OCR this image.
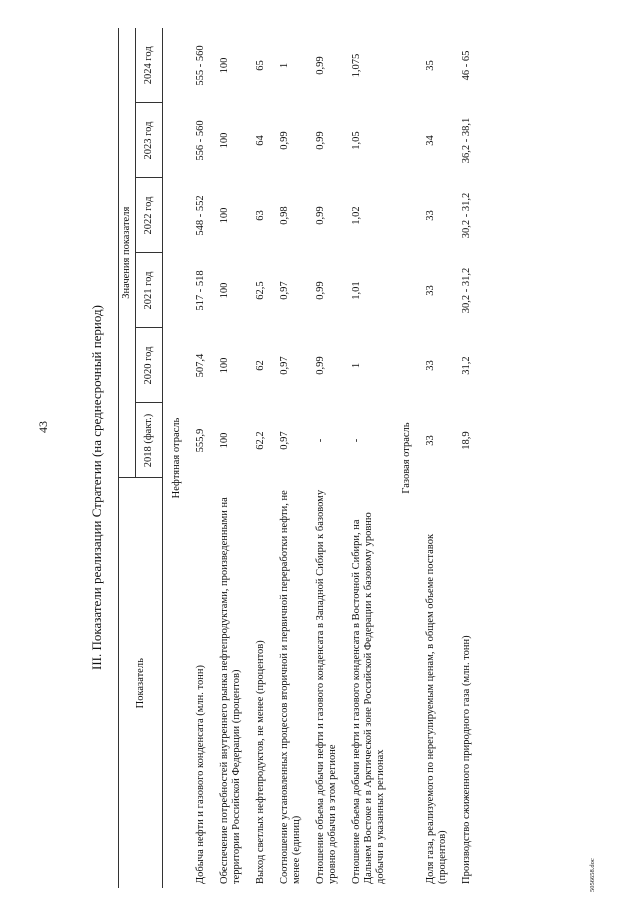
43	III. Показатели реализации Стратегии (на среднесрочный период)
Показатель	Значения показателя					
	2018 (факт.)	2020 год	2021 год	2022 год	2023 год	2024 год
Нефтяная отрасль						
Добыча нефти и газового конденсата (млн. тонн)	555,9	507,4	517 - 518	548 - 552	556 - 560	555 - 560
Обеспечение потребностей внутреннего рынка нефтепродуктами, произведенными на территории Российской Федерации (процентов)	100	100	100	100	100	100
Выход светлых нефтепродуктов, не менее (процентов)	62,2	62	62,5	63	64	65
Соотношение установленных процессов вторичной и первичной переработки нефти, не менее (единиц)	0,97	0,97	0,97	0,98	0,99	1
Отношение объема добычи нефти и газового конденсата в Западной Сибири к базовому уровню добычи в этом регионе	-	0,99	0,99	0,99	0,99	0,99
Отношение объема добычи нефти и газового конденсата в Восточной Сибири, на Дальнем Востоке и в Арктической зоне Российской Федерации к базовому уровню добычи в указанных регионах	-	1	1,01	1,02	1,05	1,075
Газовая отрасль						
Доля газа, реализуемого по нерегулируемым ценам, в общем объеме поставок (процентов)	33	33	33	33	34	35
Производство сжиженного природного газа (млн. тонн)	18,9	31,2	30,2 - 31,2	30,2 - 31,2	36,2 - 38,1	46 - 65
5056658.doc
